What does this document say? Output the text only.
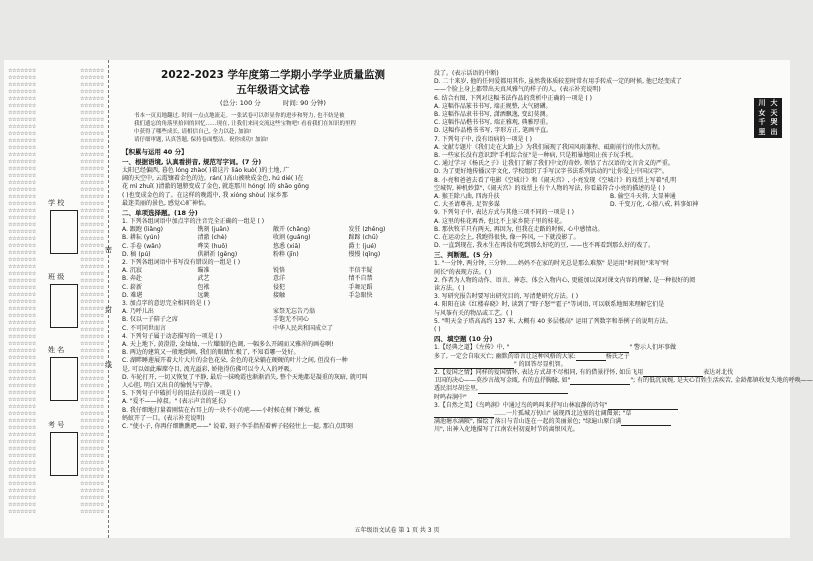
☆☆☆☆☆☆☆
☆☆☆☆☆☆☆
☆☆☆☆☆☆☆
☆☆☆☆☆☆☆
☆☆☆☆☆☆☆
☆☆☆☆☆☆☆
☆☆☆☆☆☆☆
☆☆☆☆☆☆☆
☆☆☆☆☆☆☆
☆☆☆☆☆☆☆
☆☆☆☆☆☆☆
☆☆☆☆☆☆☆
☆☆☆☆☆☆☆
☆☆☆☆☆☆☆
☆☆☆☆☆☆☆
☆☆☆☆☆☆☆
☆☆☆☆☆☆☆
☆☆☆☆☆☆☆
☆☆☆☆☆☆☆
☆☆☆☆☆☆☆
☆☆☆☆☆☆☆
☆☆☆☆☆☆☆
☆☆☆☆☆☆☆
☆☆☆☆☆☆☆
☆☆☆☆☆☆☆
☆☆☆☆☆☆☆
☆☆☆☆☆☆☆
☆☆☆☆☆☆☆
☆☆☆☆☆☆☆
☆☆☆☆☆☆☆
☆☆☆☆☆☆☆
☆☆☆☆☆☆☆
☆☆☆☆☆☆☆
☆☆☆☆☆☆☆
☆☆☆☆☆☆☆
☆☆☆☆☆☆☆
☆☆☆☆☆☆☆
☆☆☆☆☆☆☆
☆☆☆☆☆☆☆
☆☆☆☆☆☆☆
☆☆☆☆☆☆☆
☆☆☆☆☆☆☆
☆☆☆☆☆☆☆
☆☆☆☆☆☆☆
☆☆☆☆☆☆☆
☆☆☆☆☆☆☆
☆☆☆☆☆☆☆
☆☆☆☆☆☆☆
☆☆☆☆☆☆☆
☆☆☆☆☆☆☆
☆☆☆☆☆☆☆
☆☆☆☆☆☆☆
☆☆☆☆☆☆☆
☆☆☆☆☆☆☆
☆☆☆☆☆☆☆
☆☆☆☆☆☆☆
☆☆☆☆☆☆☆
☆☆☆☆☆☆☆
☆☆☆☆☆☆☆
☆☆☆☆☆☆☆
☆☆☆☆☆☆☆
☆☆☆☆☆☆☆
☆☆☆☆☆☆☆
☆☆☆☆☆☆☆
☆☆☆☆☆☆
☆☆☆☆☆☆
☆☆☆☆☆☆
☆☆☆☆☆☆
☆☆☆☆☆☆
☆☆☆☆☆☆
☆☆☆☆☆☆
☆☆☆☆☆☆
☆☆☆☆☆☆
☆☆☆☆☆☆
☆☆☆☆☆☆
☆☆☆☆☆☆
☆☆☆☆☆☆
☆☆☆☆☆☆
☆☆☆☆☆☆
☆☆☆☆☆☆
☆☆☆☆☆☆
☆☆☆☆☆☆
☆☆☆☆☆☆
☆☆☆☆☆☆
☆☆☆☆☆☆
☆☆☆☆☆☆
☆☆☆☆☆☆
☆☆☆☆☆☆
☆☆☆☆☆☆
☆☆☆☆☆☆
☆☆☆☆☆☆
☆☆☆☆☆☆
☆☆☆☆☆☆
☆☆☆☆☆☆
☆☆☆☆☆☆
☆☆☆☆☆☆
☆☆☆☆☆☆
☆☆☆☆☆☆
☆☆☆☆☆☆
☆☆☆☆☆☆
☆☆☆☆☆☆
☆☆☆☆☆☆
☆☆☆☆☆☆
☆☆☆☆☆☆
☆☆☆☆☆☆
☆☆☆☆☆☆
☆☆☆☆☆☆
☆☆☆☆☆☆
☆☆☆☆☆☆
☆☆☆☆☆☆
☆☆☆☆☆☆
☆☆☆☆☆☆
☆☆☆☆☆☆
☆☆☆☆☆☆
☆☆☆☆☆☆
☆☆☆☆☆☆
☆☆☆☆☆☆
☆☆☆☆☆☆
☆☆☆☆☆☆
☆☆☆☆☆☆
☆☆☆☆☆☆
☆☆☆☆☆☆
☆☆☆☆☆☆
☆☆☆☆☆☆
☆☆☆☆☆☆
☆☆☆☆☆☆
☆☆☆☆☆☆
☆☆☆☆☆☆
学 校
班 级
姓 名
考 号
密
封
线
2022-2023 学年度第二学期小学学业质量监测
五年级语文试卷
(总分: 100 分	时间: 90 分钟)
书本一页页地翻过, 时间一点点地流走。一张试卷可以彰显你的进步和努力, 也不妨是被
我们遗忘的角落里拾回的回忆……现在, 让我们来同交流这些宝物吧! 看看我们在知识的里程
中获得了哪些成长, 请相信自己, 全力以赴, 加油!
请仔细审题, 认真答题, 保持卷面整洁。祝你成功! 加油!
【积累与运用 40 分】
一、根据语境, 认真看拼音, 规范写字词。(7 分)
太阳已经偏西, 暮色 lóng zhào( )着这片 liáo kuò( )的土地, 广
阔的天空中, 云霞镶着金色的边。rán( )高山被映成金色, hú dié( )在
花 mì zhuī( )清澈的翅膀变成了金色, 就连那川 hóng( )的 shāo gōng
( )也变成金色的了。在这样的晚霞中, 我 xióng shòu( )家乡那
最迷美丽的景色, 感觉心旷神怡。
二、单项选择题。(18 分)
1. 下列各组词语中加点字的注音完全正确的一组是 ( )
A. 跟跑 (liǎng)	镌刻 (juān)	敞开 (chǎng)	发狂 (zhēng)
B. 耕耘 (yún)	清澈 (chè)	收割 (guǎng)	蹄蹄 (chū)
C. 手卷 (wǎn)	哗笑 (huō)	悠悉 (xiā)	爵士 (jué)
D. 稿 (pú)	供耕祈 (gēng)	粉粹 (jīn)	慢慢 (qǐng)
2. 下列各组词语中书写没有错误的一组是 ( )
A. 沉寂	瞄准	锐恪	半信半疑
B. 奔赴	武艺	意洋	情不自禁
C. 崭新	包袱	侵犯	手舞足蹈
D. 难堪	远眺	接触	手急眼快
3. 加点字的意思完全相同的是 ( )
A. 乃呼儿出	家祭无忘告乃翁
B. 仅以一子陪子之席	手饱无不同心
C. 不可同世而言	中华人民共和国成立了
4. 下列句子属于动态描写的一项是 ( )
A. 天上地下, 黄澄澄, 金灿灿, 一片耀眼的色调, 一幅多么开阔而又雅浑的画卷啊!
B. 两边的建筑又一般地倒画, 我们的眼睛忙极了, 不知看哪一处好。
C. 湖畔睡莲展开着大片大片的金色花朵, 金色的花朵躺在硬硬的叶片之间, 但没有一种
是, 可以如此璀璨夺目, 流光溢彩, 娇艳得仿佛可以令人入的呼吸。
D. 车轮打开, 一切又恢复了平静, 最后一抹晚霞也渐渐消失, 整个天地都是凝重的灰暗, 就可叫
人心胆, 明白又出自的愉悦与宁静。
5. 下列句子中破折号的用法有误的一项是 ( )
A. "爱不——掉叔。" (表示声音的延长)
B. 我仔细地打量着刚装在右耳上的一块不小的疤——小时候在树下睡觉, 被
蚂蚁开了一口。(表示补充说明)
C. "使小子, 你再仔细瞧瞧吧——" 说着, 刻子李手指捏着裤子轻轻往上一提, 那白点即刻
没了。(表示话语的中断)
D. 二十来岁, 他的任何爱都用其作, 虽然我体质较差时常有用手转成一定的时候, 他已经变成了
——个脸上身上都带出天真风雅气的样子的人。(表示补充说明)
6. 结合右图, 下列对这幅书法作品的赏析中正确的一项是 ( )
A. 这幅作品篆书书写, 端正规整, 大气磅礴。
B. 这幅作品隶书书写, 潇洒飘逸, 变幻莫测。
C. 这幅作品楷书书写, 端正雅观, 典雅厚重。
D. 这幅作品楷书书写, 字形方正, 笔画平直。
7. 下列句子中, 没有语病的一项是 ( )
A. 文献专题片《我们走在大路上》为我们展现了我国风雨兼程、砥砺前行的伟大历程。
B. 一些家长没有意识到"手机综合征"是一种病, 只是粗暴地阻止孩子玩手机。
C. 通过学习《杨氏之子》让我们了解了我们中文的奇妙, 领悟了古汉语的文言含义的严重。
D. 为了更好地传播汉字文化, 学校组织了手写汉字书法系列活动的"让你爱上中国汉字"。
8. 小亮和爸爸去看了电影《空城计》和《闹天宫》, 小亮发现《空城计》的戏票上写着"孔明
空城智, 神机妙算",《闹天宫》的戏票上有个人物的写法, 你看最符合小亮的描述的是 ( )
A. 猴王除八曲, 四海升扶	B. 偷空斗天将, 大显神通
C. 大圣请尊善, 足智多谋	D. 千变万化, 心猿八戒, 料事如神
9. 下列句子中, 表达方式与其他三项不同的一项是 ( )
A. 这里的桂花再香, 也比不上家乡院子里的桂花。
B. 那伙牧羊只有两天, 再因为, 但我在走路的时候, 心中感情动。
C. 在运动会上, 我跑得很快, 像一阵风, 一下就没影了。
D. 一直到现在, 我永生在再没有吃到那么好吃的豆, ——也不再看到那么好的戏了。
三、判断题。(5 分)
1. "一分钟, 两分钟, 三分钟……妈妈不在家的时光总是那么难熬" 是运用"时间短"来写"时
间长"的表现方法。( )
2. 作者为人物的动作、语言、神态、体会入物内心, 更能加以深对课文内容的理解, 是一种很好的阅
读方法。( )
3. 写研究报告时要写出研究目的, 写清楚研究方法。( )
4. 阳阳在读《红楼春晓》时, 读到了"野子怒""霍子"等词语, 可以联系地图来理解它们是
与风筝有关的物品或工艺。( )
5. "明天金子塔高高约 137 米, 大概有 40 多层楼高" 运用了列数字和举例子的说明方法。
( )
四、填空题 (10 分)
1.【经典之道】《左传》中, "	" 警示人们坏事做
多了, 一定会自取灭亡; 幽默的语言让这种风格的大家:	杨氏之子
" 的回答尽显机智。
2.【爱国之情】同样的爱国情怀, 表达方式却不尽相同, 有的借景抒怀, 如岳飞用	表达对北伐
卫国的决心——莫沙言战写金瓯, 有的直抒胸臆, 如"	"; 有的低沉哀婉, 是天心百姓生活疾苦, 金龄都镇收复失地的呼唤——
透民泪尽胡尘里,
时鸣春涧中"
3.【自然之美】《鸟鸣涧》中通过鸟的鸣叫来抒写山林寂静的诗句"
……一片孤城万仞山" 展现西北边塞的壮阔图景; "草
满池塘水满陂", 描绘了落日与青山连在一起的美丽景色; "绿遍山原白满
川", 出神入化地描写了江南农村初夏时节的离恨风光。
川 大
女 天
千 哭
里 出
五年级语文试卷 第 1 页 共 3 页
